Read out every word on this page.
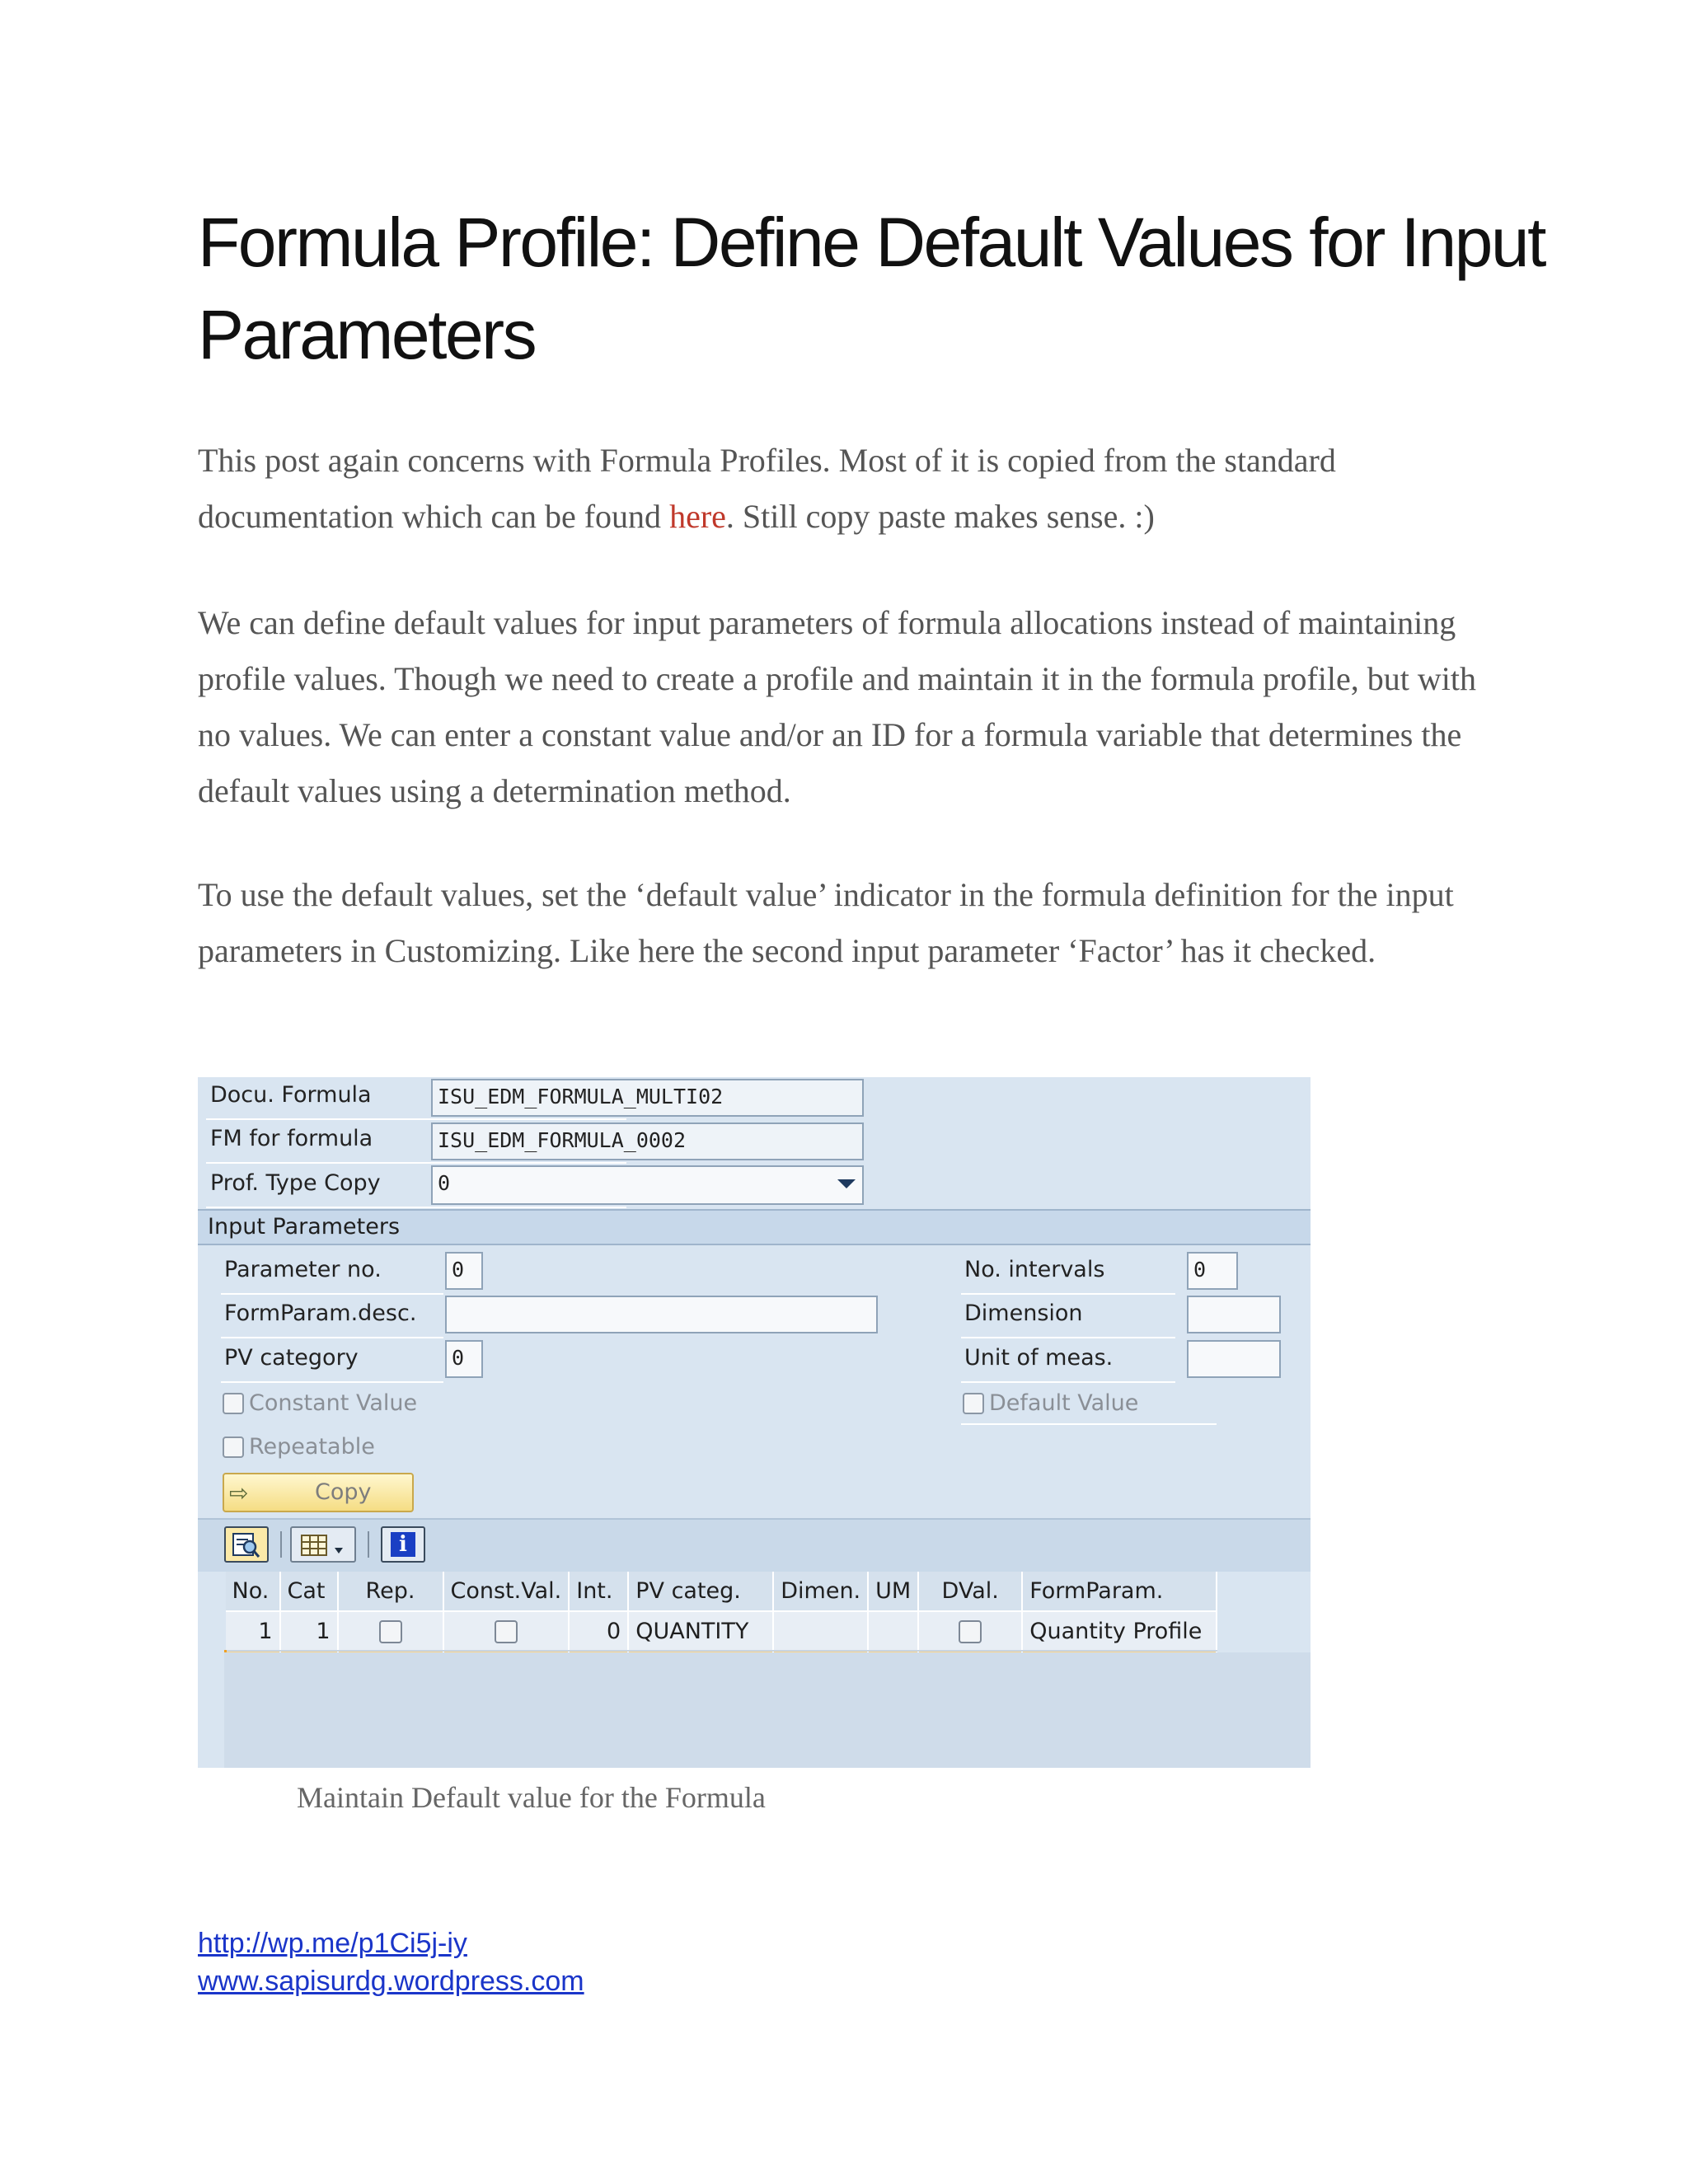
Formula Profile: Define Default Values for Input Parameters

This post again concerns with Formula Profiles. Most of it is copied from the standard documentation which can be found here. Still copy paste makes sense. :)

We can define default values for input parameters of formula allocations instead of maintaining profile values. Though we need to create a profile and maintain it in the formula profile, but with no values. We can enter a constant value and/or an ID for a formula variable that determines the default values using a determination method.

To use the default values, set the ‘default value’ indicator in the formula definition for the input parameters in Customizing. Like here the second input parameter ‘Factor’ has it checked.

Docu. Formula	ISU_EDM_FORMULA_MULTI02
FM for formula	ISU_EDM_FORMULA_0002
Prof. Type Copy	0
Input Parameters
Parameter no.	0
FormParam.desc.
PV category	0
Constant Value
Repeatable
No. intervals	0
Dimension
Unit of meas.
Default Value
⇨	Copy
i
No.	Cat	Rep.	Const.Val.	Int.	PV categ.	Dimen.	UM	DVal.	FormParam.
1	1			0	QUANTITY				Quantity Profile

Maintain Default value for the Formula
http://wp.me/p1Ci5j-iy
www.sapisurdg.wordpress.com
